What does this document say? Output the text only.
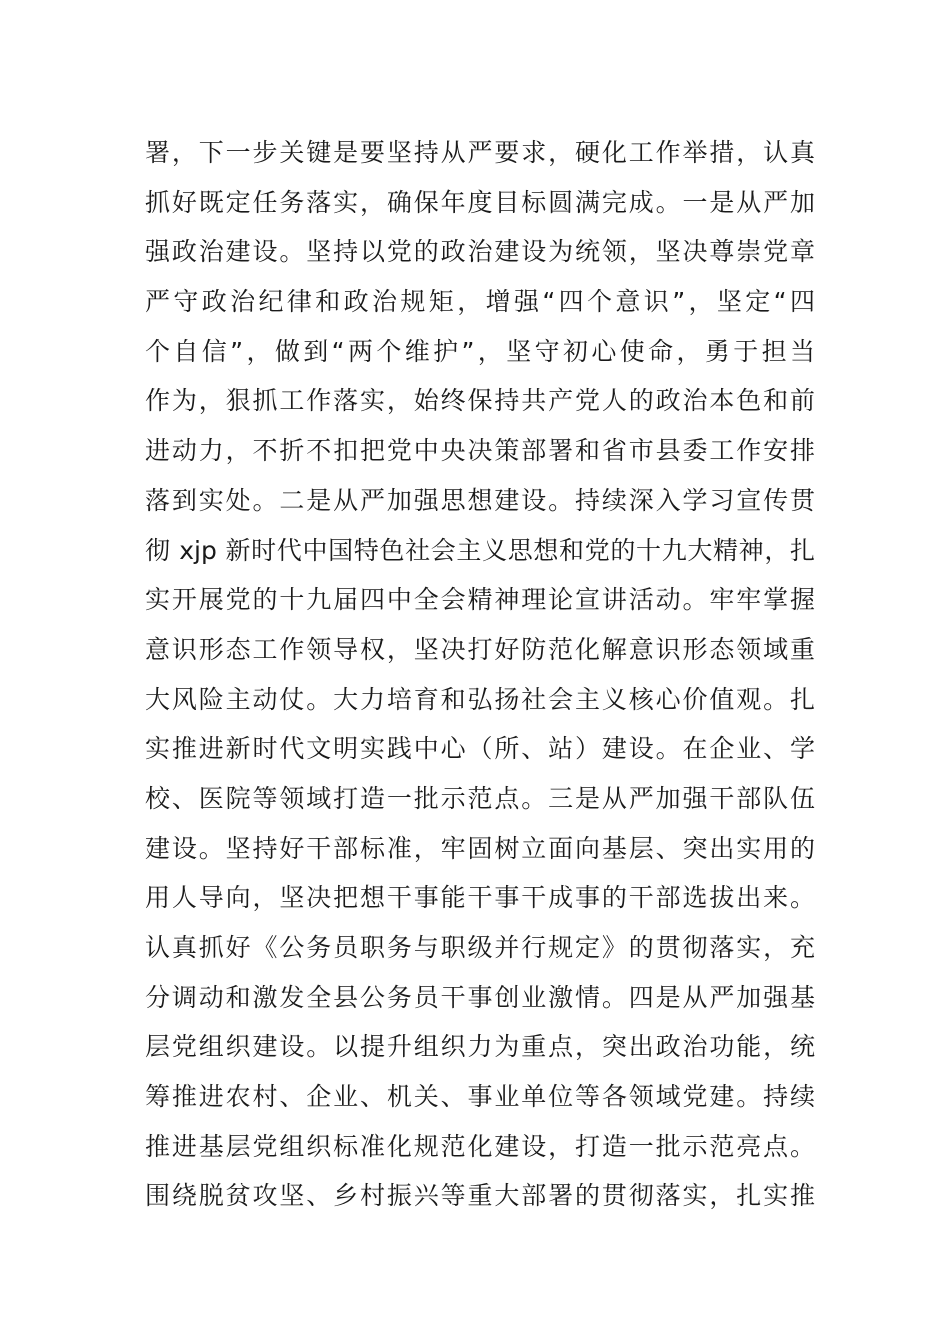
署，下一步关键是要坚持从严要求，硬化工作举措，认真
抓好既定任务落实，确保年度目标圆满完成。一是从严加
强政治建设。坚持以党的政治建设为统领，坚决尊崇党章
严守政治纪律和政治规矩，增强“四个意识”，坚定“四
个自信”，做到“两个维护”，坚守初心使命，勇于担当
作为，狠抓工作落实，始终保持共产党人的政治本色和前
进动力，不折不扣把党中央决策部署和省市县委工作安排
落到实处。二是从严加强思想建设。持续深入学习宣传贯
彻 xjp 新时代中国特色社会主义思想和党的十九大精神，扎
实开展党的十九届四中全会精神理论宣讲活动。牢牢掌握
意识形态工作领导权，坚决打好防范化解意识形态领域重
大风险主动仗。大力培育和弘扬社会主义核心价值观。扎
实推进新时代文明实践中心（所、站）建设。在企业、学
校、医院等领域打造一批示范点。三是从严加强干部队伍
建设。坚持好干部标准，牢固树立面向基层、突出实用的
用人导向，坚决把想干事能干事干成事的干部选拔出来。
认真抓好《公务员职务与职级并行规定》的贯彻落实，充
分调动和激发全县公务员干事创业激情。四是从严加强基
层党组织建设。以提升组织力为重点，突出政治功能，统
筹推进农村、企业、机关、事业单位等各领域党建。持续
推进基层党组织标准化规范化建设，打造一批示范亮点。
围绕脱贫攻坚、乡村振兴等重大部署的贯彻落实，扎实推
